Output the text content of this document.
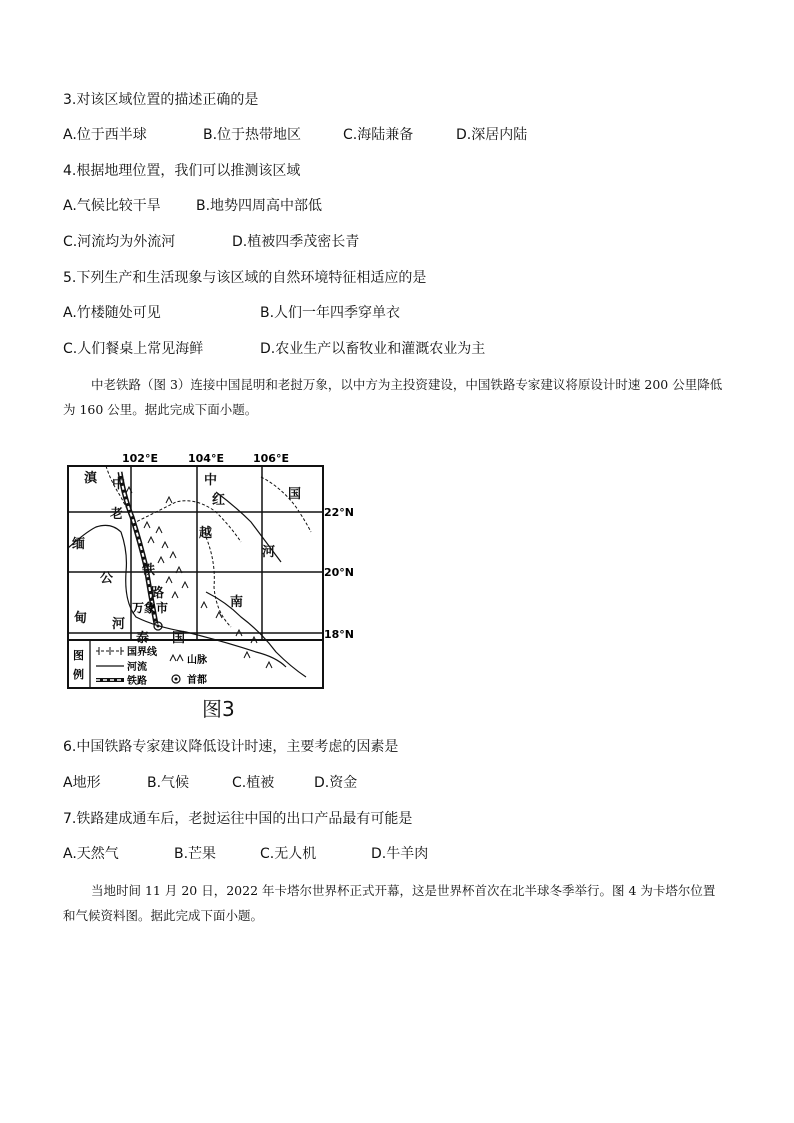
3.对该区域位置的描述正确的是
A.位于西半球	B.位于热带地区	C.海陆兼备	D.深居内陆
4.根据地理位置，我们可以推测该区域
A.气候比较干旱	B.地势四周高中部低
C.河流均为外流河	D.植被四季茂密长青
5.下列生产和生活现象与该区域的自然环境特征相适应的是
A.竹楼随处可见	B.人们一年四季穿单衣
C.人们餐桌上常见海鲜	D.农业生产以畜牧业和灌溉农业为主
中老铁路（图 3）连接中国昆明和老挝万象，以中方为主投资建设，中国铁路专家建议将原设计时速 200 公里降低为 160 公里。据此完成下面小题。
102°E	104°E	106°E
22°N
20°N
18°N
滇 中
老
铁
路
中
红	国
越
河
缅
公
甸 河
南
泰 国
万象市
图
例
国界线
河流
铁路
山脉
首都
图3
6.中国铁路专家建议降低设计时速，主要考虑的因素是
A地形	B.气候	C.植被	D.资金
7.铁路建成通车后，老挝运往中国的出口产品最有可能是
A.天然气	B.芒果	C.无人机	D.牛羊肉
当地时间 11 月 20 日，2022 年卡塔尔世界杯正式开幕，这是世界杯首次在北半球冬季举行。图 4 为卡塔尔位置和气候资料图。据此完成下面小题。
